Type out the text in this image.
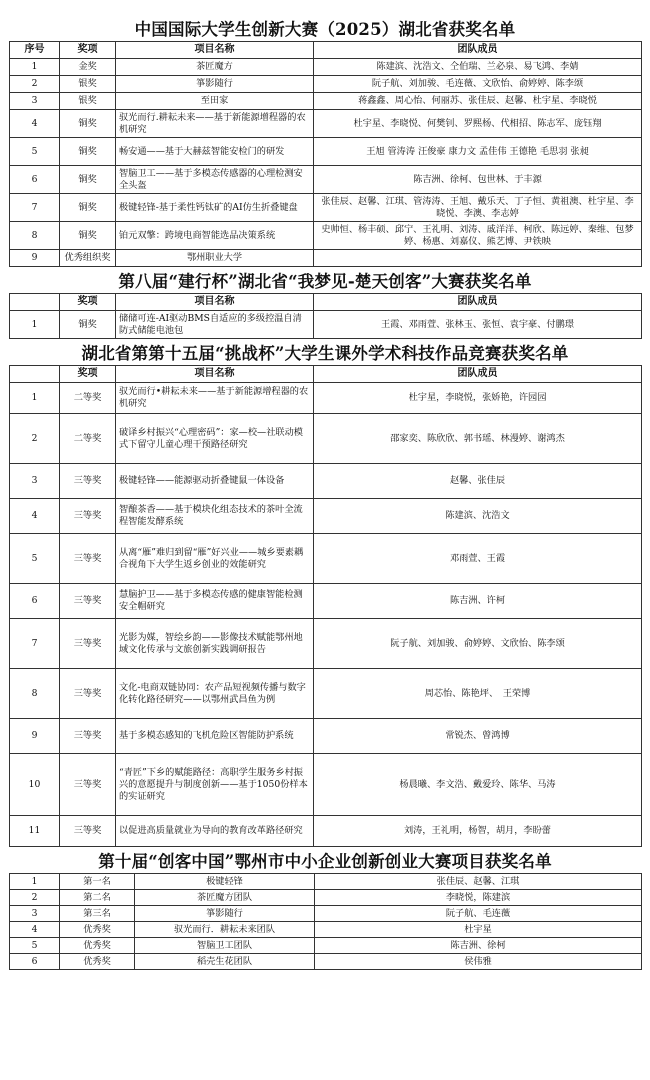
中国国际大学生创新大赛（2025）湖北省获奖名单
序号	奖项	项目名称	团队成员
1	金奖	茶匠魔方	陈建滨、沈浩文、仝伯瑞、兰必泉、易飞鸿、李婧
2	银奖	箏影随行	阮子航、刘加骏、毛连薇、文欣怡、俞婷婷、陈李颂
3	银奖	至田家	蒋鑫鑫、周心怡、何丽苏、张佳辰、赵馨、杜宇星、李晓悦
4	铜奖	驭光而行.耕耘未来——基于新能源增程器的农机研究	杜宇星、李晓悦、何樊钊、罗熙杨、代相招、陈志军、庞钰翔
5	铜奖	畅安通——基于大赫兹智能安检门的研发	王旭 管涛涛 汪俊豪 康力文 孟佳伟 王德艳 毛思羽 张昶
6	铜奖	智脑卫工——基于多模态传感器的心理检测安全头盔	陈吉洲、徐柯、包世林、于丰源
7	铜奖	极键轻锋-基于柔性钙钛矿的AI仿生折叠键盘	张佳辰、赵馨、江琪、管涛涛、王旭、戴乐天、丁子恒、黄祖澳、杜宇星、李晓悦、李澳、李志婷
8	铜奖	铂元双擎：跨境电商智能选品决策系统	史帅恒、杨丰硕、邱宁、王礼明、刘涛、戚洋洋、柯欣、陈远婷、秦维、包梦婷、杨惠、刘嘉仪、熊艺博、尹铁映
9	优秀组织奖	鄂州职业大学	
第八届“建行杯”湖北省“我梦见-楚天创客”大赛获奖名单
	奖项	项目名称	团队成员
1	铜奖	储储可连-AI驱动BMS自适应的多级控温自清防式储能电池包	王霞、邓雨萱、张林玉、张恒、袁宇豪、付鹏璟
湖北省第第十五届“挑战杯”大学生课外学术科技作品竞赛获奖名单
	奖项	项目名称	团队成员
1	二等奖	驭光而行•耕耘未来——基于新能源增程器的农机研究	杜宇星，李晓悦，张娇艳，许园园
2	二等奖	破译乡村振兴“心理密码”：家—校—社联动模式下留守儿童心理干预路径研究	邵家奕、陈欣欣、郭书瑶、林漫婷、谢鸿杰
3	三等奖	极键轻锋——能源驱动折叠键鼠一体设备	赵馨、张佳辰
4	三等奖	智酿茶香——基于模块化组态技术的茶叶全流程智能发酵系统	陈建滨、沈浩文
5	三等奖	从离“雁”难归到留“雁”好兴业——城乡要素耦合视角下大学生返乡创业的效能研究	邓雨萱、王霞
6	三等奖	慧脑护卫——基于多模态传感的健康智能检测安全帽研究	陈吉洲、许柯
7	三等奖	光影为媒，智绘乡韵——影像技术赋能鄂州地域文化传承与文旅创新实践调研报告	阮子航、刘加骏、俞婷婷、文欣怡、陈李颂
8	三等奖	文化-电商双链协同：农产品短视频传播与数字化转化路径研究——以鄂州武昌鱼为例	周芯怡、陈艳坪、　王荣博
9	三等奖	基于多模态感知的飞机危险区智能防护系统	常锐杰、曾鸿博
10	三等奖	“青匠”下乡的赋能路径：高职学生服务乡村振兴的意愿提升与制度创新——基于1050份样本的实证研究	杨晨曦、李文浩、戴爱玲、陈华、马涛
11	三等奖	以促进高质量就业为导向的教育改革路径研究	刘涛，王礼明，杨智，胡月，李盼蕾
第十届“创客中国”鄂州市中小企业创新创业大赛项目获奖名单
1	第一名	极键轻锋	张佳辰、赵馨、江琪
2	第二名	茶匠魔方团队	李晓悦，陈建滨
3	第三名	箏影随行	阮子航、毛连薇
4	优秀奖	驭光而行．耕耘未来团队	杜宇星
5	优秀奖	智脑卫工团队	陈吉洲、徐柯
6	优秀奖	稻壳生花团队	侯伟雅
